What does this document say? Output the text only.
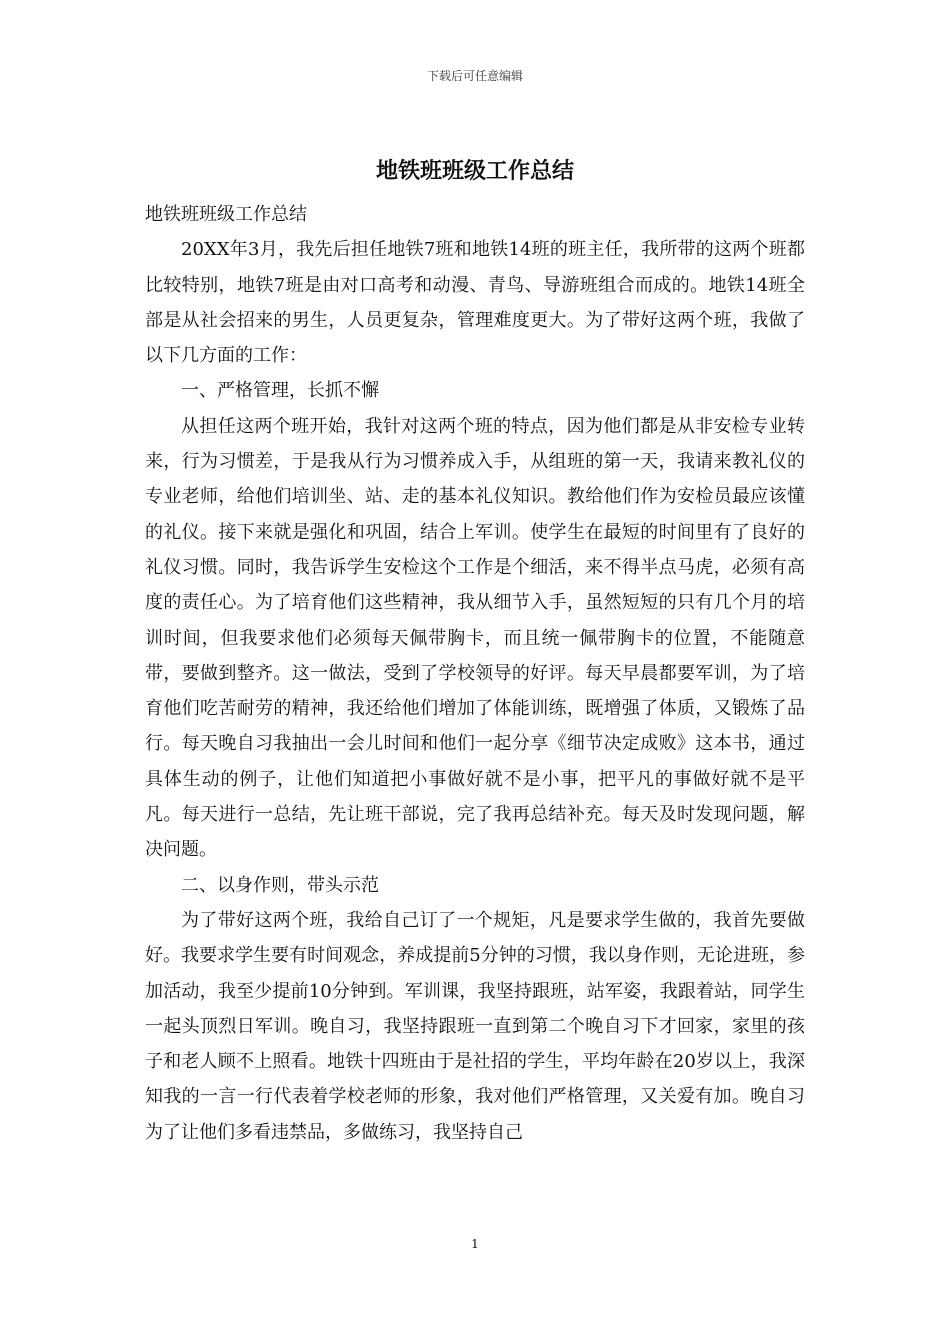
下载后可任意编辑
地铁班班级工作总结

地铁班班级工作总结

20XX年3月，我先后担任地铁7班和地铁14班的班主任，我所带的这两个班都比较特别，地铁7班是由对口高考和动漫、青鸟、导游班组合而成的。地铁14班全部是从社会招来的男生，人员更复杂，管理难度更大。为了带好这两个班，我做了以下几方面的工作：

一、严格管理，长抓不懈

从担任这两个班开始，我针对这两个班的特点，因为他们都是从非安检专业转来，行为习惯差，于是我从行为习惯养成入手，从组班的第一天，我请来教礼仪的专业老师，给他们培训坐、站、走的基本礼仪知识。教给他们作为安检员最应该懂的礼仪。接下来就是强化和巩固，结合上军训。使学生在最短的时间里有了良好的礼仪习惯。同时，我告诉学生安检这个工作是个细活，来不得半点马虎，必须有高度的责任心。为了培育他们这些精神，我从细节入手，虽然短短的只有几个月的培训时间，但我要求他们必须每天佩带胸卡，而且统一佩带胸卡的位置，不能随意带，要做到整齐。这一做法，受到了学校领导的好评。每天早晨都要军训，为了培育他们吃苦耐劳的精神，我还给他们增加了体能训练，既增强了体质，又锻炼了品行。每天晚自习我抽出一会儿时间和他们一起分享《细节决定成败》这本书，通过具体生动的例子，让他们知道把小事做好就不是小事，把平凡的事做好就不是平凡。每天进行一总结，先让班干部说，完了我再总结补充。每天及时发现问题，解决问题。

二、以身作则，带头示范

为了带好这两个班，我给自己订了一个规矩，凡是要求学生做的，我首先要做好。我要求学生要有时间观念，养成提前5分钟的习惯，我以身作则，无论进班，参加活动，我至少提前10分钟到。军训课，我坚持跟班，站军姿，我跟着站，同学生一起头顶烈日军训。晚自习，我坚持跟班一直到第二个晚自习下才回家，家里的孩子和老人顾不上照看。地铁十四班由于是社招的学生，平均年龄在20岁以上，我深知我的一言一行代表着学校老师的形象，我对他们严格管理，又关爱有加。晚自习为了让他们多看违禁品，多做练习，我坚持自己

1
